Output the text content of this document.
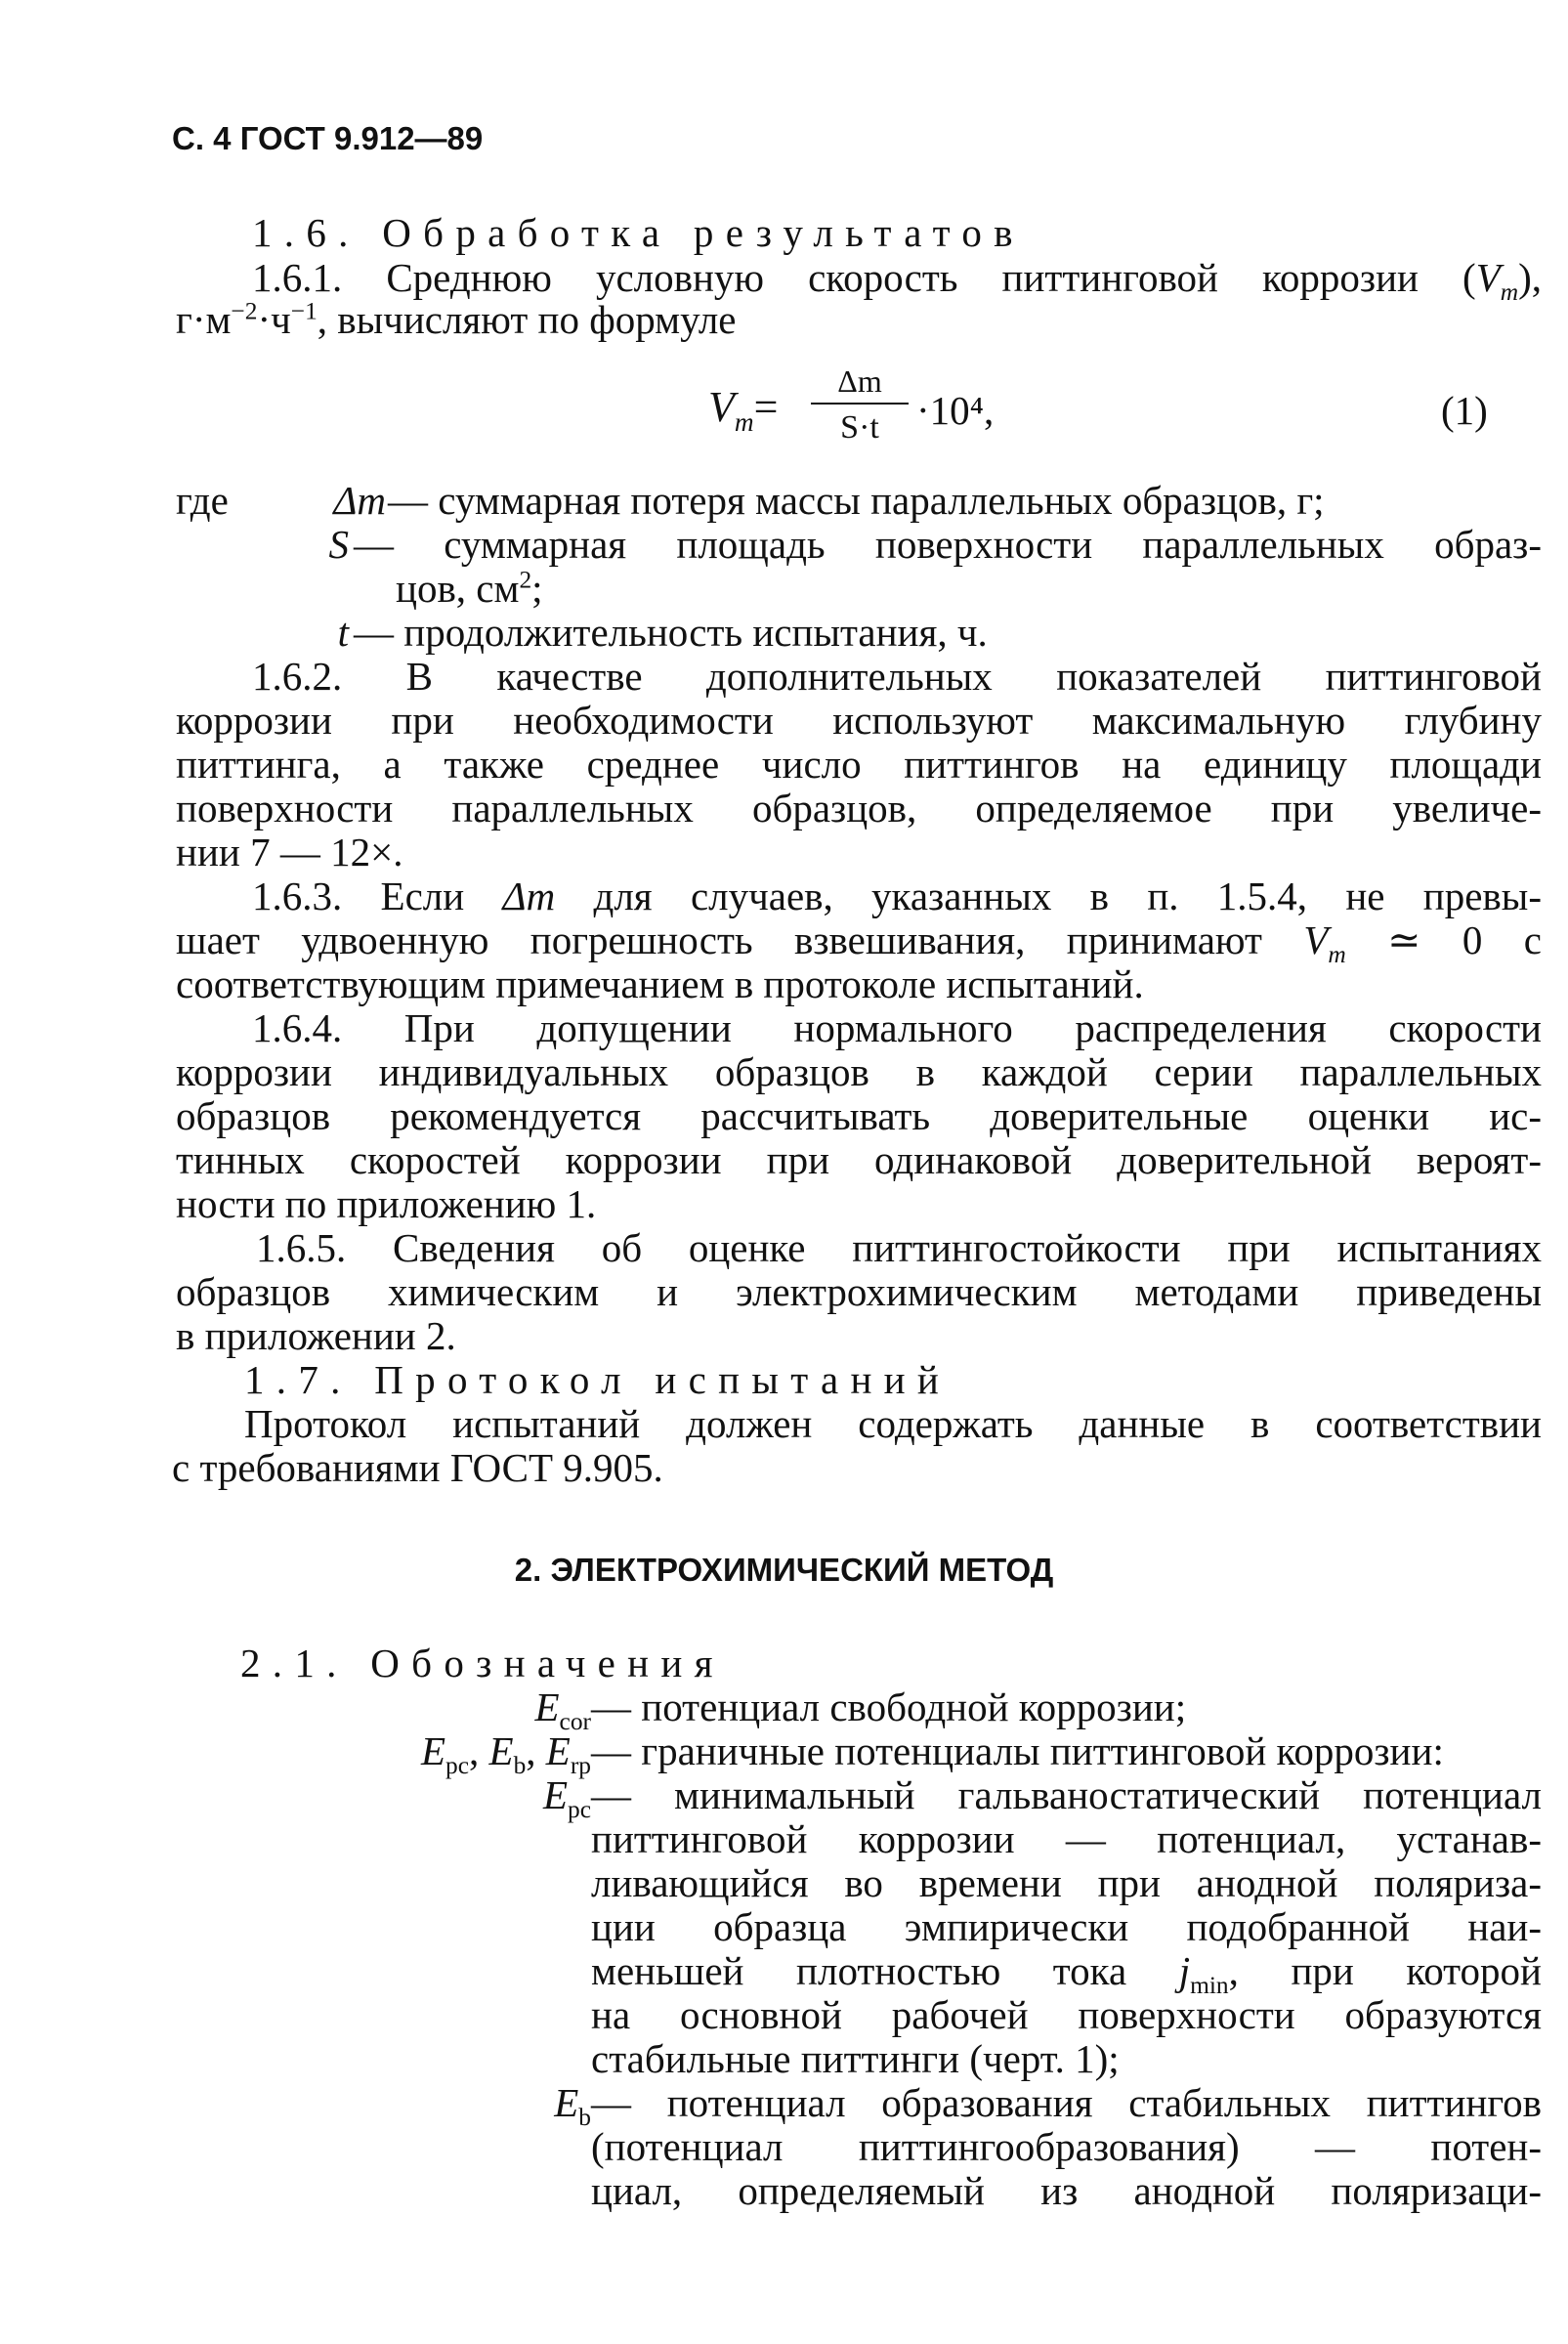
С. 4 ГОСТ 9.912—89
1.6. Обработка результатов
1.6.1. Среднюю условную скорость питтинговой коррозии $(V_m)$,
$г\cdot м^{-2}\cdot ч^{-1}$, вычисляют по формуле
$V_m= \frac{\Delta m}{S\cdot t} \cdot 10^4$,	(1)
где	Δm — суммарная потеря массы параллельных образцов, г;
S — суммарная площадь поверхности параллельных образ-
цов, $см^2$;
t — продолжительность испытания, ч.
1.6.2. В качестве дополнительных показателей питтинговой
коррозии при необходимости используют максимальную глубину
питтинга, а также среднее число питтингов на единицу площади
поверхности параллельных образцов, определяемое при увеличе-
нии 7 — 12×.
1.6.3. Если Δm для случаев, указанных в п. 1.5.4, не превы-
шает удвоенную погрешность взвешивания, принимают $V_m$ ≃ 0 с
соответствующим примечанием в протоколе испытаний.
1.6.4. При допущении нормального распределения скорости
коррозии индивидуальных образцов в каждой серии параллельных
образцов рекомендуется рассчитывать доверительные оценки ис-
тинных скоростей коррозии при одинаковой доверительной вероят-
ности по приложению 1.
1.6.5. Сведения об оценке питтингостойкости при испытаниях
образцов химическим и электрохимическим методами приведены
в приложении 2.
1.7. Протокол испытаний
Протокол испытаний должен содержать данные в соответствии
с требованиями ГОСТ 9.905.
2. ЭЛЕКТРОХИМИЧЕСКИЙ МЕТОД
2.1. Обозначения
$E_{cor}$ — потенциал свободной коррозии;
$E_{pc}$, $E_b$, $E_{rp}$ — граничные потенциалы питтинговой коррозии:
$E_{pc}$ — минимальный гальваностатический потенциал
питтинговой коррозии — потенциал, устанав-
ливающийся во времени при анодной поляриза-
ции образца эмпирически подобранной наи-
меньшей плотностью тока $j_{min}$, при которой
на основной рабочей поверхности образуются
стабильные питтинги (черт. 1);
$E_b$ — потенциал образования стабильных питтингов
(потенциал питтингообразования) — потен-
циал, определяемый из анодной поляризаци-
